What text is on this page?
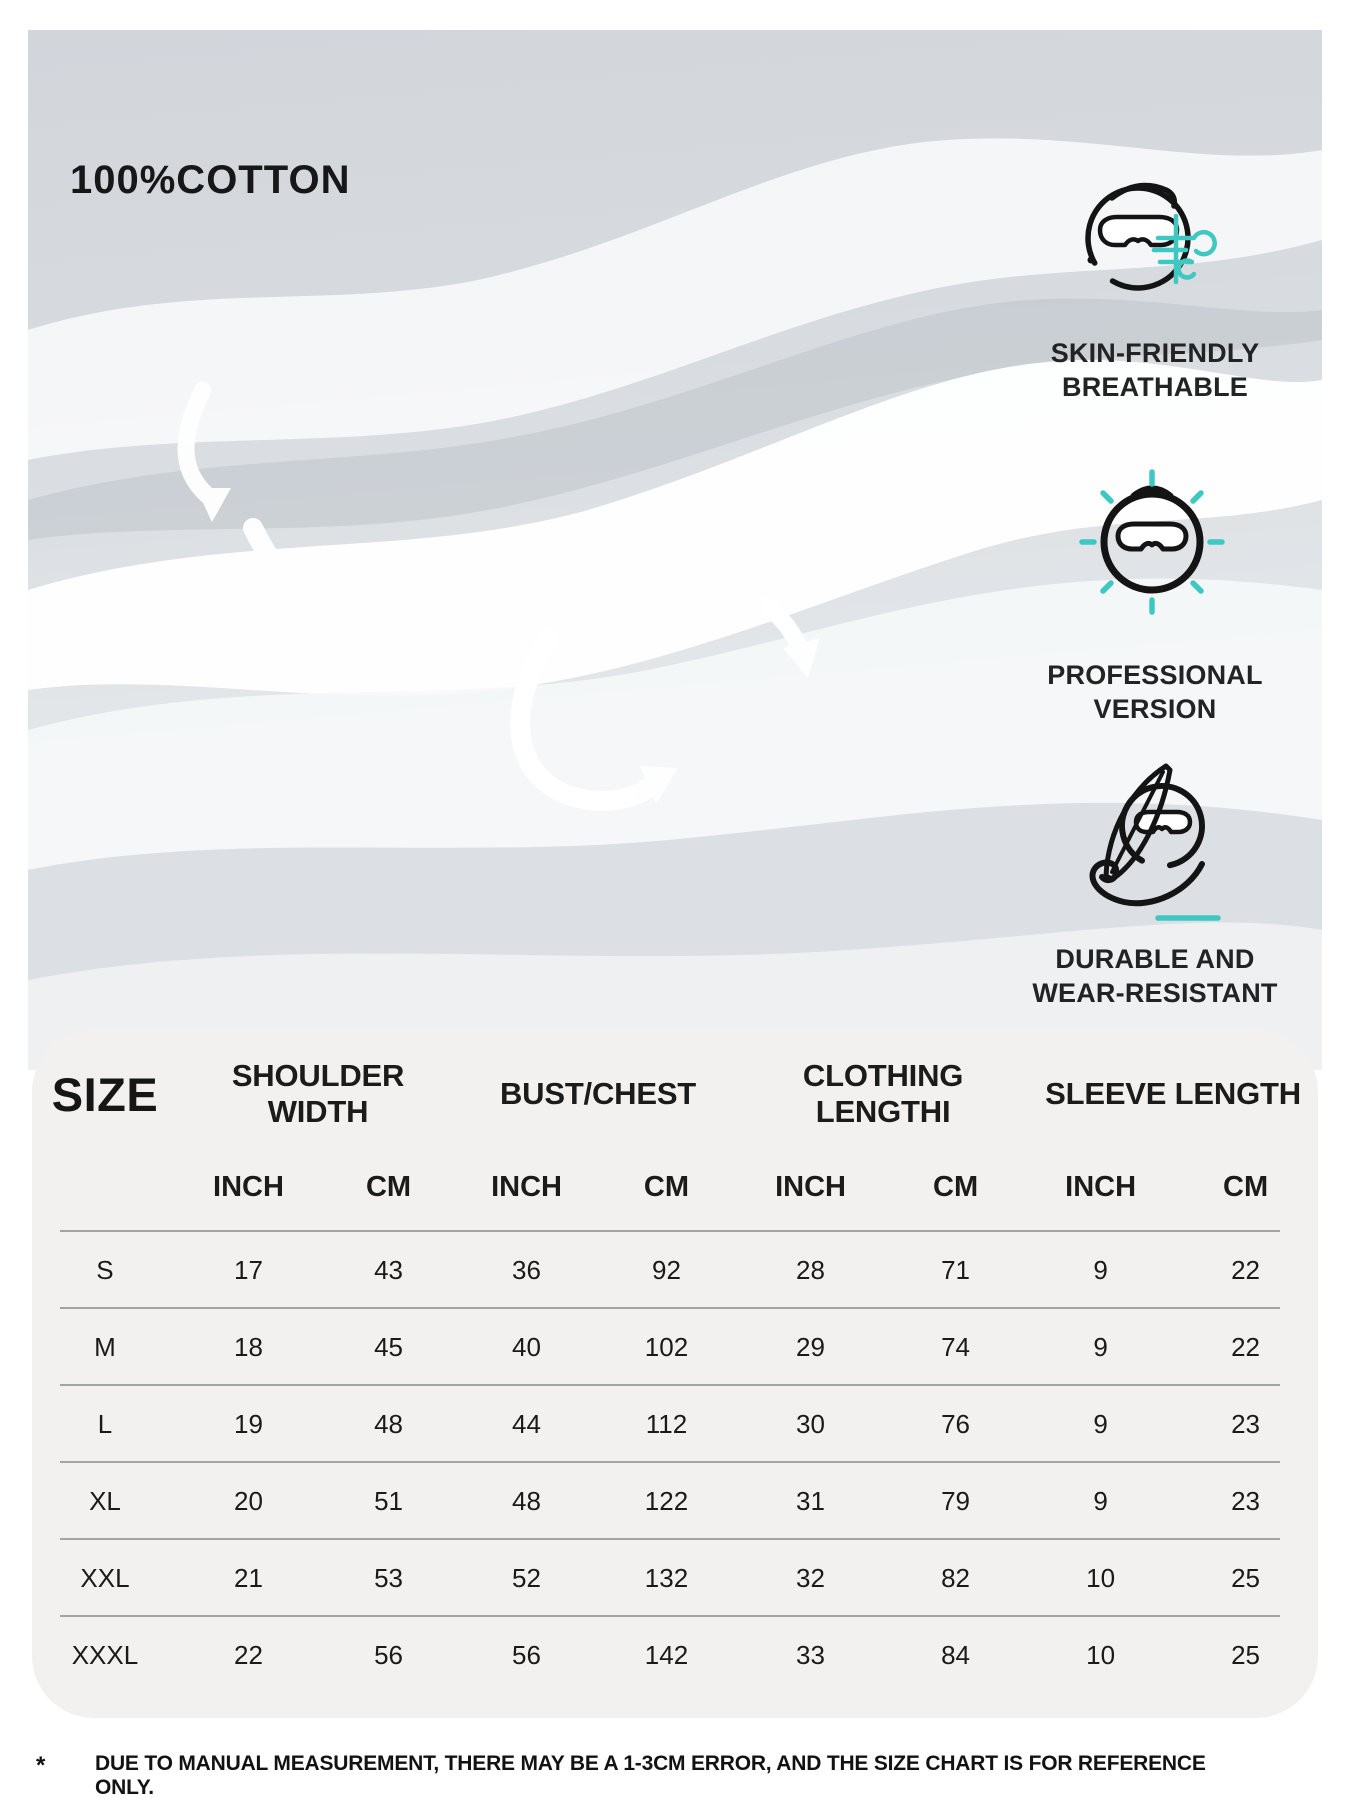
100%COTTON
SKIN-FRIENDLY
BREATHABLE
PROFESSIONAL
VERSION
DURABLE AND
WEAR-RESISTANT
SIZE	SHOULDER WIDTH
BUST/CHEST
CLOTHING LENGTHI
SLEEVE LENGTH
INCH	CM	INCH	CM	INCH	CM	INCH	CM
S	17	43	36	92	28	71	9	22
M	18	45	40	102	29	74	9	22
L	19	48	44	112	30	76	9	23
XL	20	51	48	122	31	79	9	23
XXL	21	53	52	132	32	82	10	25
XXXL	22	56	56	142	33	84	10	25
* DUE TO MANUAL MEASUREMENT, THERE MAY BE A 1-3CM ERROR, AND THE SIZE CHART IS FOR REFERENCE ONLY.
